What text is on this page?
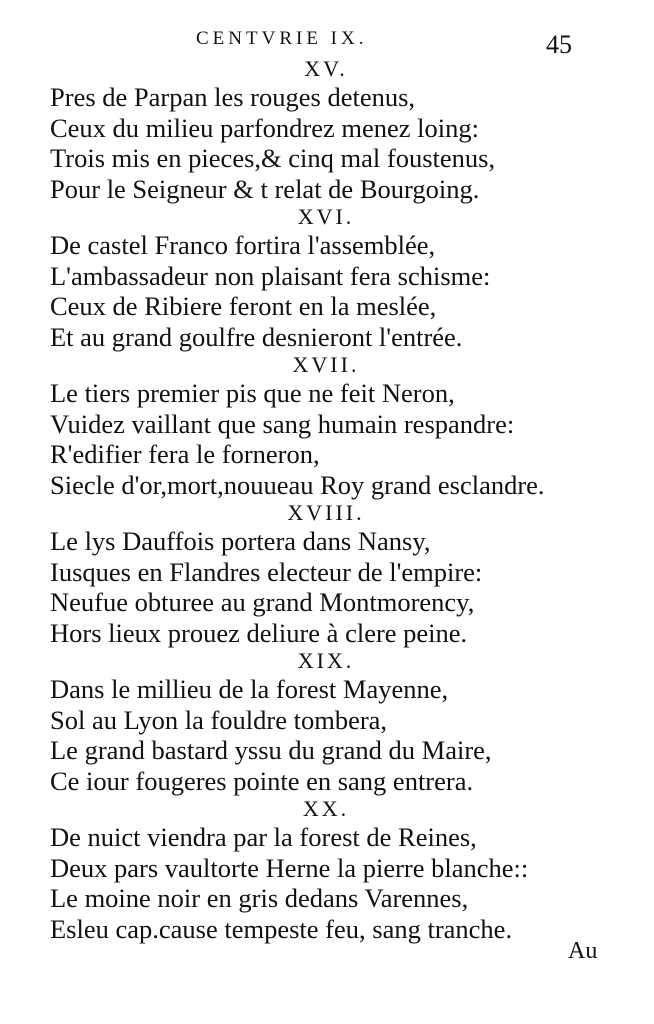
CENTVRIE IX.	45
XV.
Pres de Parpan les rouges detenus,
Ceux du milieu parfondrez menez loing:
Trois mis en pieces,& cinq mal foustenus,
Pour le Seigneur & t relat de Bourgoing.
XVI.
De castel Franco fortira l'assemblée,
L'ambassadeur non plaisant fera schisme:
Ceux de Ribiere feront en la meslée,
Et au grand goulfre desnieront l'entrée.
XVII.
Le tiers premier pis que ne feit Neron,
Vuidez vaillant que sang humain respandre:
R'edifier fera le forneron,
Siecle d'or,mort,nouueau Roy grand esclandre.
XVIII.
Le lys Dauffois portera dans Nansy,
Iusques en Flandres electeur de l'empire:
Neufue obturee au grand Montmorency,
Hors lieux prouez deliure à clere peine.
XIX.
Dans le millieu de la forest Mayenne,
Sol au Lyon la fouldre tombera,
Le grand bastard yssu du grand du Maire,
Ce iour fougeres pointe en sang entrera.
XX.
De nuict viendra par la forest de Reines,
Deux pars vaultorte Herne la pierre blanche::
Le moine noir en gris dedans Varennes,
Esleu cap.cause tempeste feu, sang tranche.
Au
